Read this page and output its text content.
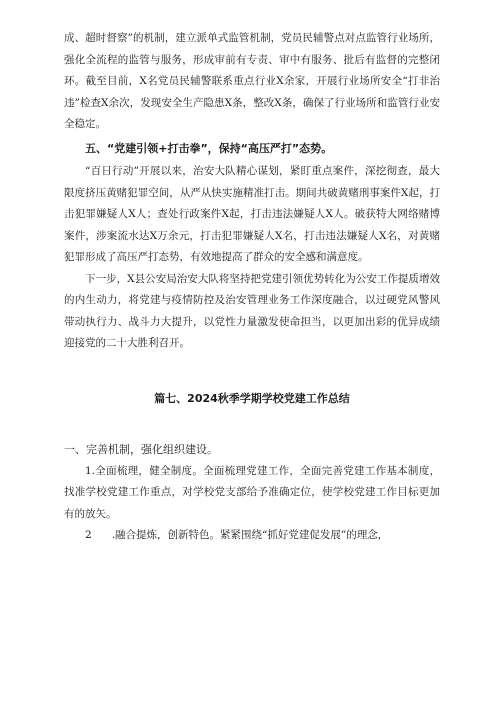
成、超时督察”的机制，建立派单式监管机制，党员民辅警点对点监管行业场所，强化全流程的监管与服务，形成审前有专责、审中有服务、批后有监督的完整闭环。截至目前，X名党员民辅警联系重点行业X余家，开展行业场所安全“打非治违”检查X余次，发现安全生产隐患X条，整改X条，确保了行业场所和监管行业安全稳定。

五、“党建引领+打击拳”，保持“高压严打”态势。

“百日行动”开展以来，治安大队精心谋划，紧盯重点案件，深挖彻查，最大限度挤压黄赌犯罪空间，从严从快实施精准打击。期间共破黄赌刑事案件X起，打击犯罪嫌疑人X人；查处行政案件X起，打击违法嫌疑人X人。破获特大网络赌博案件，涉案流水达X万余元，打击犯罪嫌疑人X名，打击违法嫌疑人X名，对黄赌犯罪形成了高压严打态势，有效地提高了群众的安全感和满意度。

下一步，X县公安局治安大队将坚持把党建引领优势转化为公安工作提质增效的内生动力，将党建与疫情防控及治安管理业务工作深度融合，以过硬党风警风带动执行力、战斗力大提升，以党性力量激发使命担当，以更加出彩的优异成绩迎接党的二十大胜利召开。

篇七、2024秋季学期学校党建工作总结

一、完善机制，强化组织建设。

1.全面梳理，健全制度。全面梳理党建工作，全面完善党建工作基本制度，找准学校党建工作重点，对学校党支部给予准确定位，使学校党建工作目标更加有的放矢。

2 .融合提炼，创新特色。紧紧围绕“抓好党建促发展”的理念，
